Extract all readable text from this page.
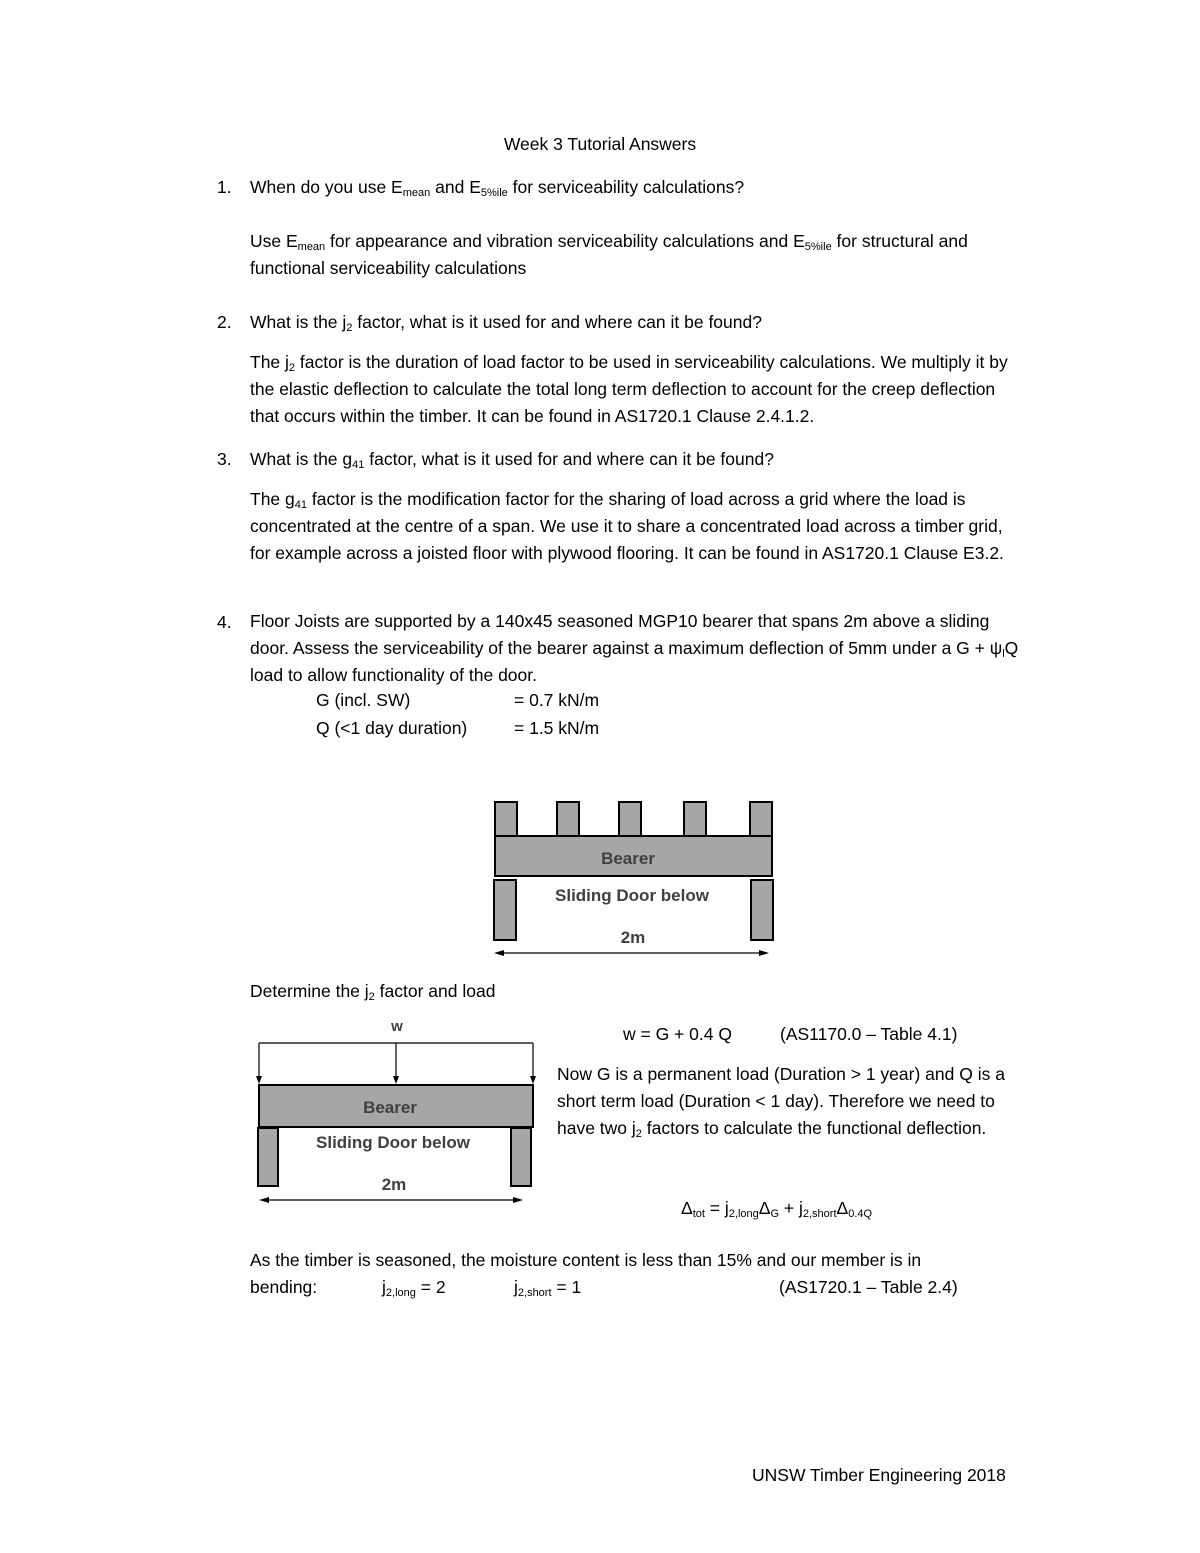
Week 3 Tutorial Answers
1.	When do you use $E_{mean}$ and $E_{5\%ile}$ for serviceability calculations?
Use $E_{mean}$ for appearance and vibration serviceability calculations and $E_{5\%ile}$ for structural and functional serviceability calculations
2.	What is the $j_2$ factor, what is it used for and where can it be found?
The $j_2$ factor is the duration of load factor to be used in serviceability calculations. We multiply it by the elastic deflection to calculate the total long term deflection to account for the creep deflection that occurs within the timber. It can be found in AS1720.1 Clause 2.4.1.2.
3.	What is the $g_{41}$ factor, what is it used for and where can it be found?
The $g_{41}$ factor is the modification factor for the sharing of load across a grid where the load is concentrated at the centre of a span. We use it to share a concentrated load across a timber grid, for example across a joisted floor with plywood flooring. It can be found in AS1720.1 Clause E3.2.
4.	Floor Joists are supported by a 140x45 seasoned MGP10 bearer that spans 2m above a sliding door. Assess the serviceability of the bearer against a maximum deflection of 5mm under a $G + \psi_lQ$ load to allow functionality of the door.
G (incl. SW)	= 0.7 kN/m
Q (<1 day duration)	= 1.5 kN/m
Bearer
Sliding Door below
2m
Determine the $j_2$ factor and load
w
Bearer
Sliding Door below
2m
w = G + 0.4 Q	(AS1170.0 – Table 4.1)
Now G is a permanent load (Duration > 1 year) and Q is a short term load (Duration < 1 day). Therefore we need to have two $j_2$ factors to calculate the functional deflection.
$\Delta_{tot} = j_{2,long}\Delta_G + j_{2,short}\Delta_{0.4Q}$
As the timber is seasoned, the moisture content is less than 15% and our member is in
bending:	$j_{2,long} = 2$	$j_{2,short} = 1$	(AS1720.1 – Table 2.4)
UNSW Timber Engineering 2018
